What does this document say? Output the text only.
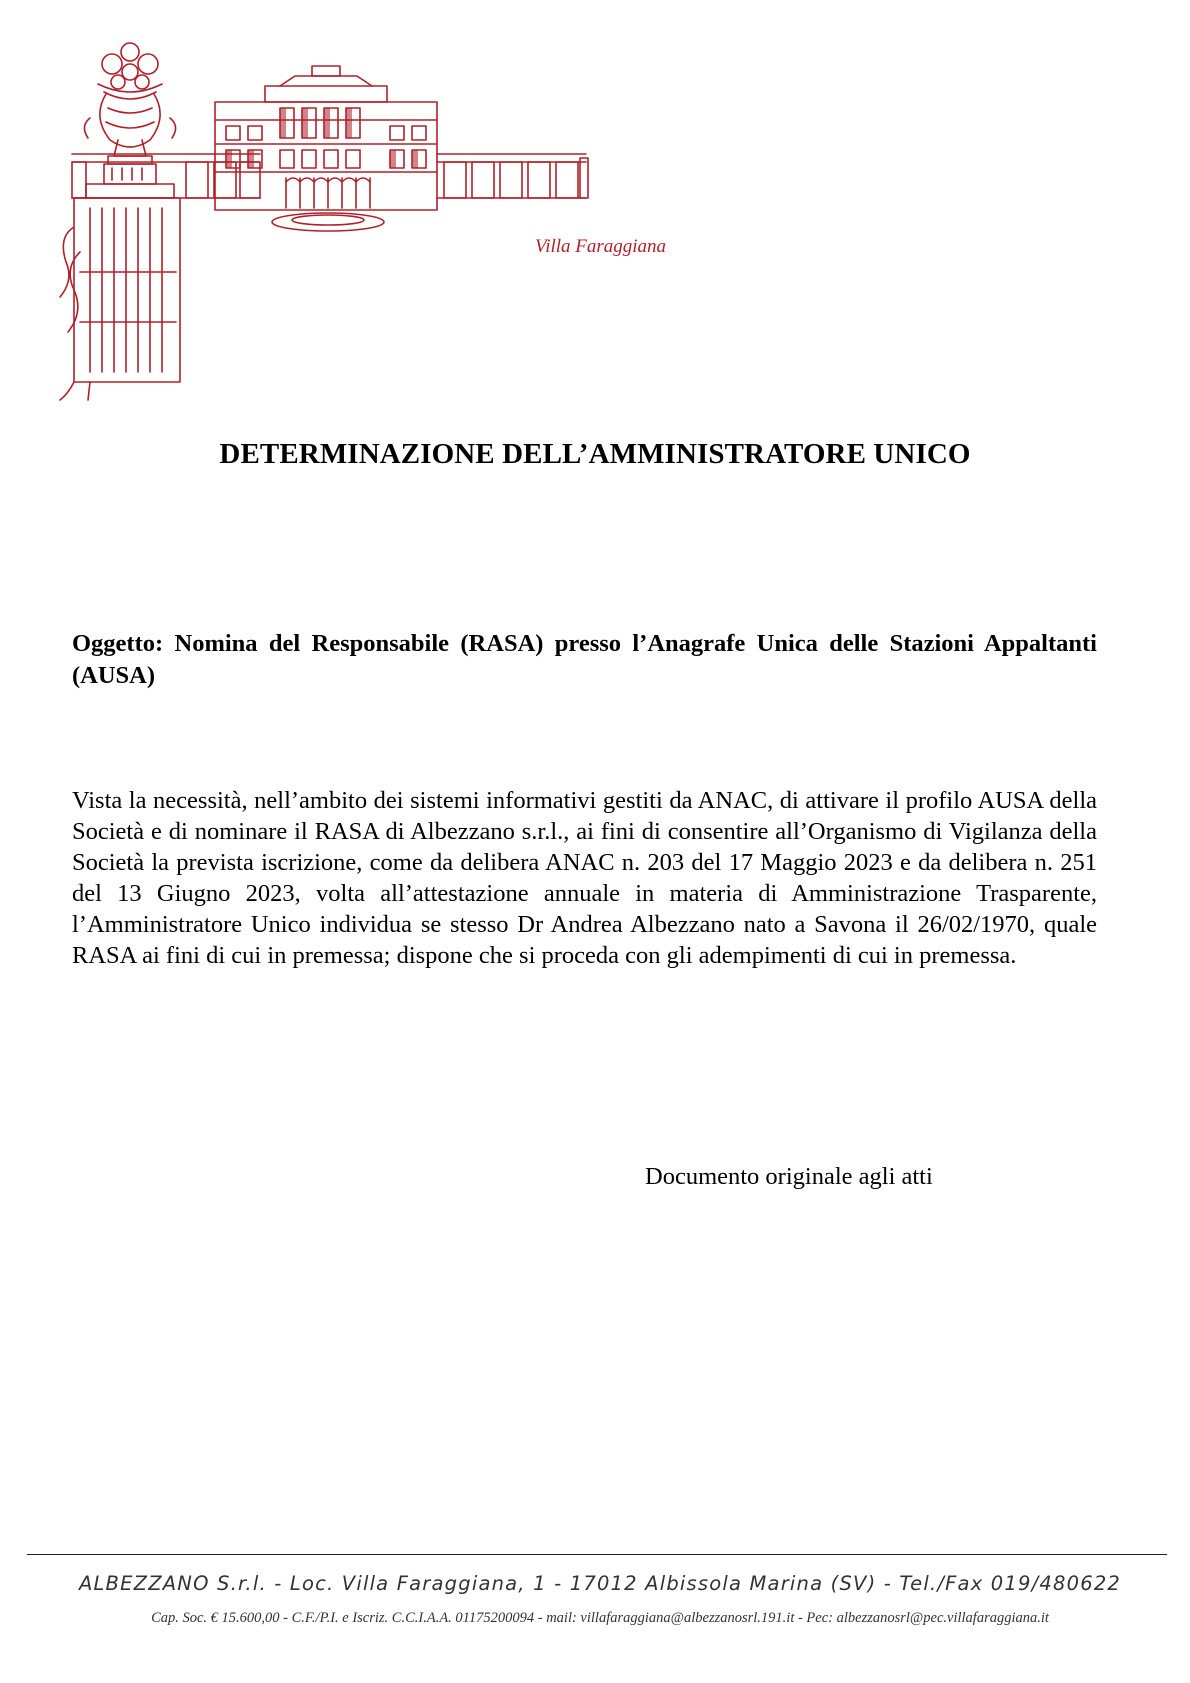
Villa Faraggiana
DETERMINAZIONE DELL’AMMINISTRATORE UNICO
Oggetto: Nomina del Responsabile (RASA) presso l’Anagrafe Unica delle Stazioni Appaltanti (AUSA)
Vista la necessità, nell’ambito dei sistemi informativi gestiti da ANAC, di attivare il profilo AUSA della Società e di nominare il RASA di Albezzano s.r.l., ai fini di consentire all’Organismo di Vigilanza della Società la prevista iscrizione, come da delibera ANAC n. 203 del 17 Maggio 2023 e da delibera n. 251 del 13 Giugno 2023, volta all’attestazione annuale in materia di Amministrazione Trasparente, l’Amministratore Unico individua se stesso Dr Andrea Albezzano nato a Savona il 26/02/1970, quale RASA ai fini di cui in premessa; dispone che si proceda con gli adempimenti di cui in premessa.
Documento originale agli atti
ALBEZZANO S.r.l. - Loc. Villa Faraggiana, 1 - 17012 Albissola Marina (SV) - Tel./Fax 019/480622
Cap. Soc. € 15.600,00 - C.F./P.I. e Iscriz. C.C.I.A.A. 01175200094 - mail: villafaraggiana@albezzanosrl.191.it - Pec: albezzanosrl@pec.villafaraggiana.it
